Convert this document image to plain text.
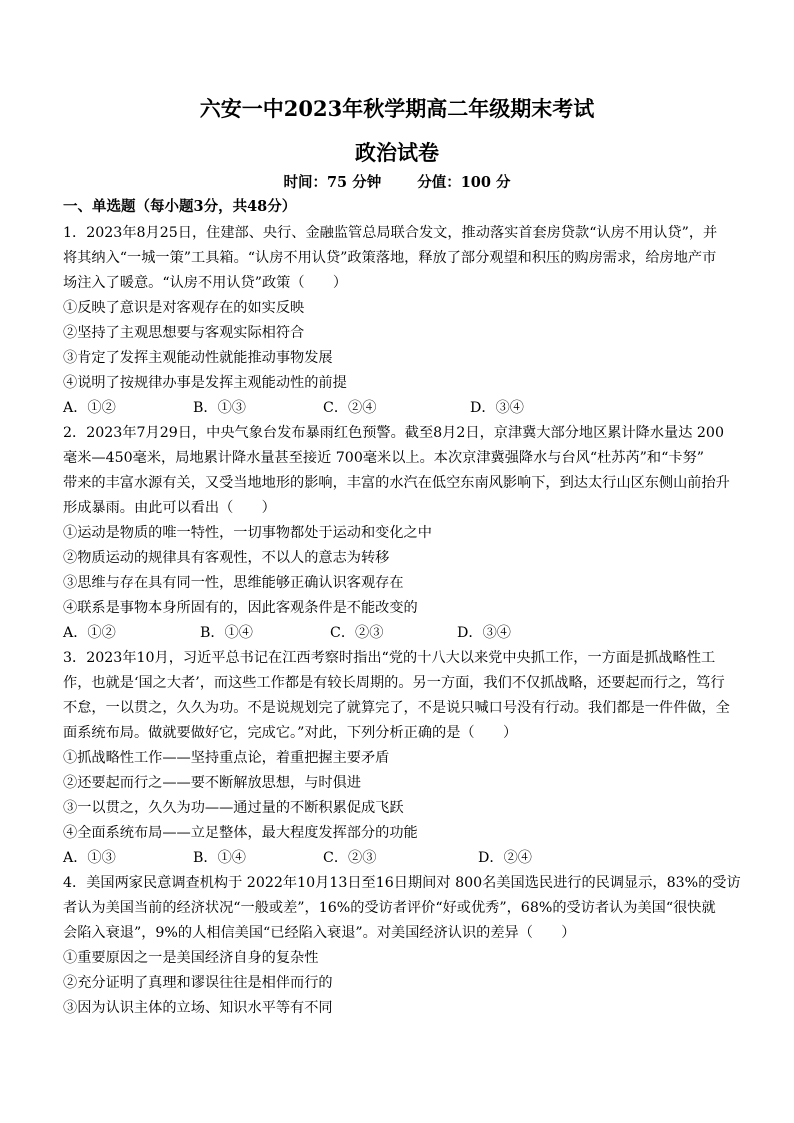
六安一中2023年秋学期高二年级期末考试
政治试卷
时间：75 分钟 分值：100 分
一、单选题（每小题3分，共48分）
1．2023年8月25日，住建部、央行、金融监管总局联合发文，推动落实首套房贷款“认房不用认贷”，并
将其纳入“一城一策”工具箱。“认房不用认贷”政策落地，释放了部分观望和积压的购房需求，给房地产市
场注入了暖意。“认房不用认贷”政策（　　）
①反映了意识是对客观存在的如实反映
②坚持了主观思想要与客观实际相符合
③肯定了发挥主观能动性就能推动事物发展
④说明了按规律办事是发挥主观能动性的前提
A．①②	B．①③	C．②④	D．③④
2．2023年7月29日，中央气象台发布暴雨红色预警。截至8月2日，京津冀大部分地区累计降水量达 200
毫米—450毫米，局地累计降水量甚至接近 700毫米以上。本次京津冀强降水与台风“杜苏芮”和“卡努”
带来的丰富水源有关，又受当地地形的影响，丰富的水汽在低空东南风影响下，到达太行山区东侧山前抬升
形成暴雨。由此可以看出（　　）
①运动是物质的唯一特性，一切事物都处于运动和变化之中
②物质运动的规律具有客观性，不以人的意志为转移
③思维与存在具有同一性，思维能够正确认识客观存在
④联系是事物本身所固有的，因此客观条件是不能改变的
A．①②	B．①④	C．②③	D．③④
3．2023年10月，习近平总书记在江西考察时指出“党的十八大以来党中央抓工作，一方面是抓战略性工
作，也就是‘国之大者’，而这些工作都是有较长周期的。另一方面，我们不仅抓战略，还要起而行之，笃行
不怠，一以贯之，久久为功。不是说规划完了就算完了，不是说只喊口号没有行动。我们都是一件件做，全
面系统布局。做就要做好它，完成它。”对此，下列分析正确的是（　　）
①抓战略性工作——坚持重点论，着重把握主要矛盾
②还要起而行之——要不断解放思想，与时俱进
③一以贯之，久久为功——通过量的不断积累促成飞跃
④全面系统布局——立足整体，最大程度发挥部分的功能
A．①③	B．①④	C．②③	D．②④
4．美国两家民意调查机构于 2022年10月13日至16日期间对 800名美国选民进行的民调显示，83%的受访
者认为美国当前的经济状况“一般或差”，16%的受访者评价“好或优秀”，68%的受访者认为美国“很快就
会陷入衰退”，9%的人相信美国“已经陷入衰退”。对美国经济认识的差异（　　）
①重要原因之一是美国经济自身的复杂性
②充分证明了真理和谬误往往是相伴而行的
③因为认识主体的立场、知识水平等有不同
